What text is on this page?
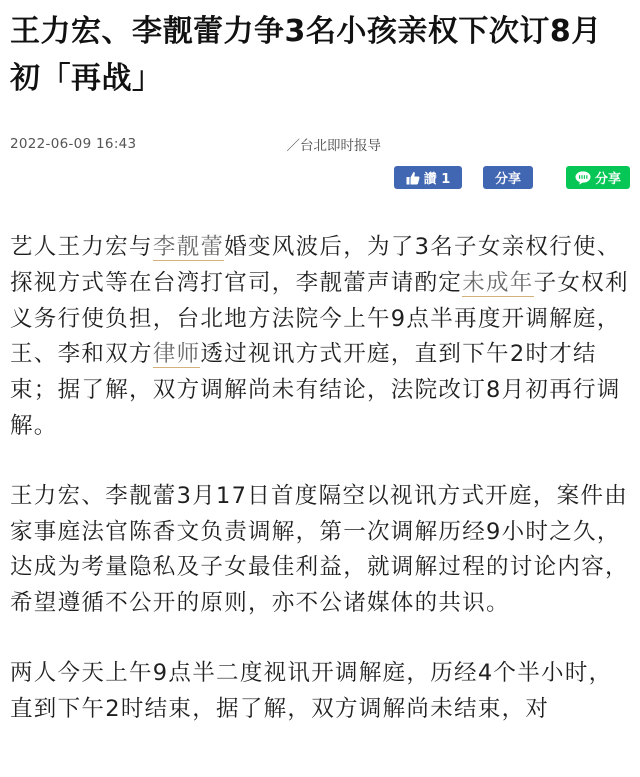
王力宏、李靓蕾力争3名小孩亲权下次订8月
初「再战」
2022-06-09 16:43	／台北即时报导
讚 1	分享	分享

艺人王力宏与李靓蕾婚变风波后，为了3名子女亲权行使、探视方式等在台湾打官司，李靓蕾声请酌定未成年子女权利义务行使负担，台北地方法院今上午9点半再度开调解庭，王、李和双方律师透过视讯方式开庭，直到下午2时才结束；据了解，双方调解尚未有结论，法院改订8月初再行调解。

王力宏、李靓蕾3月17日首度隔空以视讯方式开庭，案件由家事庭法官陈香文负责调解，第一次调解历经9小时之久，达成为考量隐私及子女最佳利益，就调解过程的讨论内容，希望遵循不公开的原则，亦不公诸媒体的共识。

两人今天上午9点半二度视讯开调解庭，历经4个半小时，直到下午2时结束，据了解，双方调解尚未结束，对
